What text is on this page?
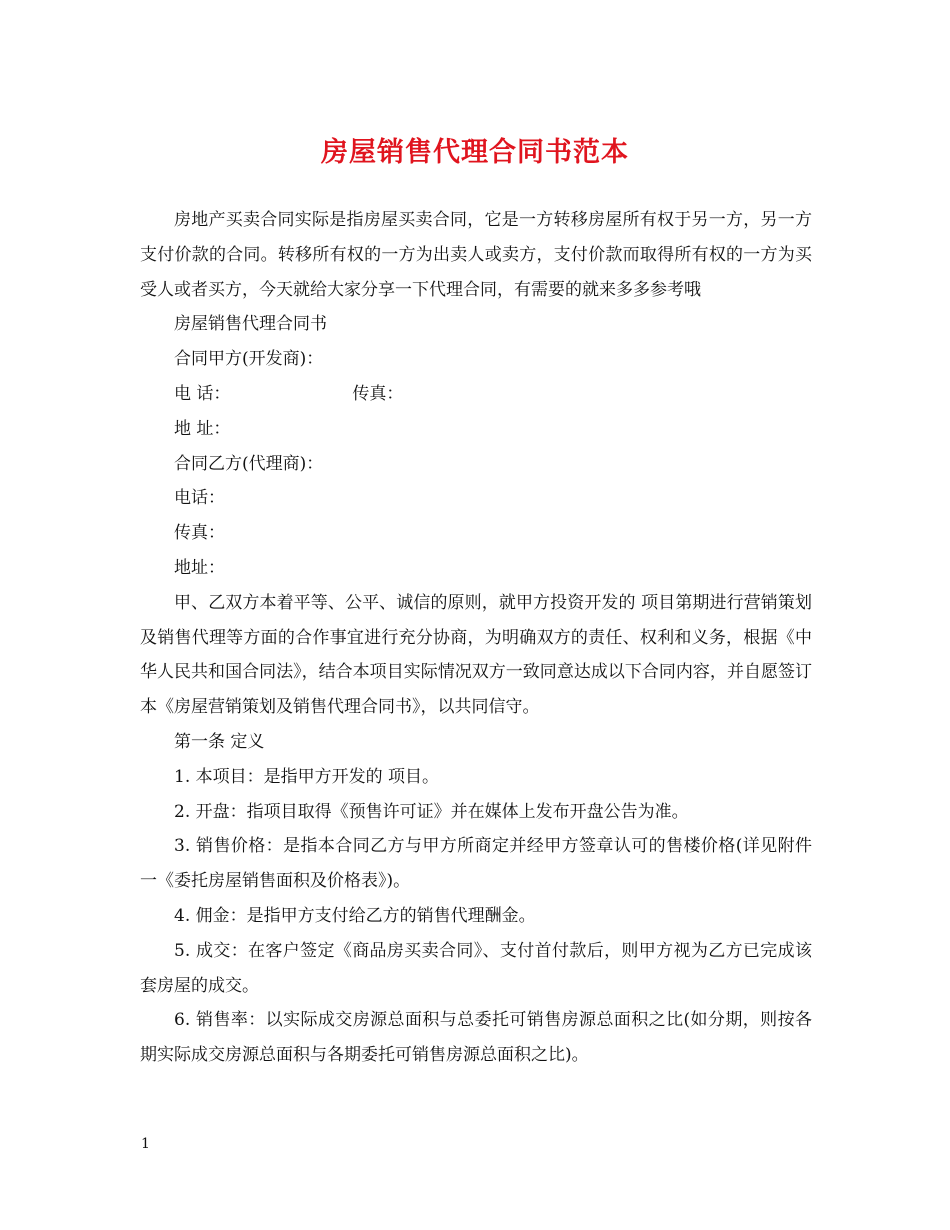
房屋销售代理合同书范本

房地产买卖合同实际是指房屋买卖合同，它是一方转移房屋所有权于另一方，另一方支付价款的合同。转移所有权的一方为出卖人或卖方，支付价款而取得所有权的一方为买受人或者买方，今天就给大家分享一下代理合同，有需要的就来多多参考哦

房屋销售代理合同书

合同甲方(开发商)：

电 话：	传真：

地 址：

合同乙方(代理商)：

电话：

传真：

地址：

甲、乙双方本着平等、公平、诚信的原则，就甲方投资开发的 项目第期进行营销策划及销售代理等方面的合作事宜进行充分协商，为明确双方的责任、权利和义务，根据《中华人民共和国合同法》，结合本项目实际情况双方一致同意达成以下合同内容，并自愿签订本《房屋营销策划及销售代理合同书》，以共同信守。

第一条 定义

1. 本项目：是指甲方开发的 项目。

2. 开盘：指项目取得《预售许可证》并在媒体上发布开盘公告为准。

3. 销售价格：是指本合同乙方与甲方所商定并经甲方签章认可的售楼价格(详见附件一《委托房屋销售面积及价格表》)。

4. 佣金：是指甲方支付给乙方的销售代理酬金。

5. 成交：在客户签定《商品房买卖合同》、支付首付款后，则甲方视为乙方已完成该套房屋的成交。

6. 销售率：以实际成交房源总面积与总委托可销售房源总面积之比(如分期，则按各期实际成交房源总面积与各期委托可销售房源总面积之比)。

1
